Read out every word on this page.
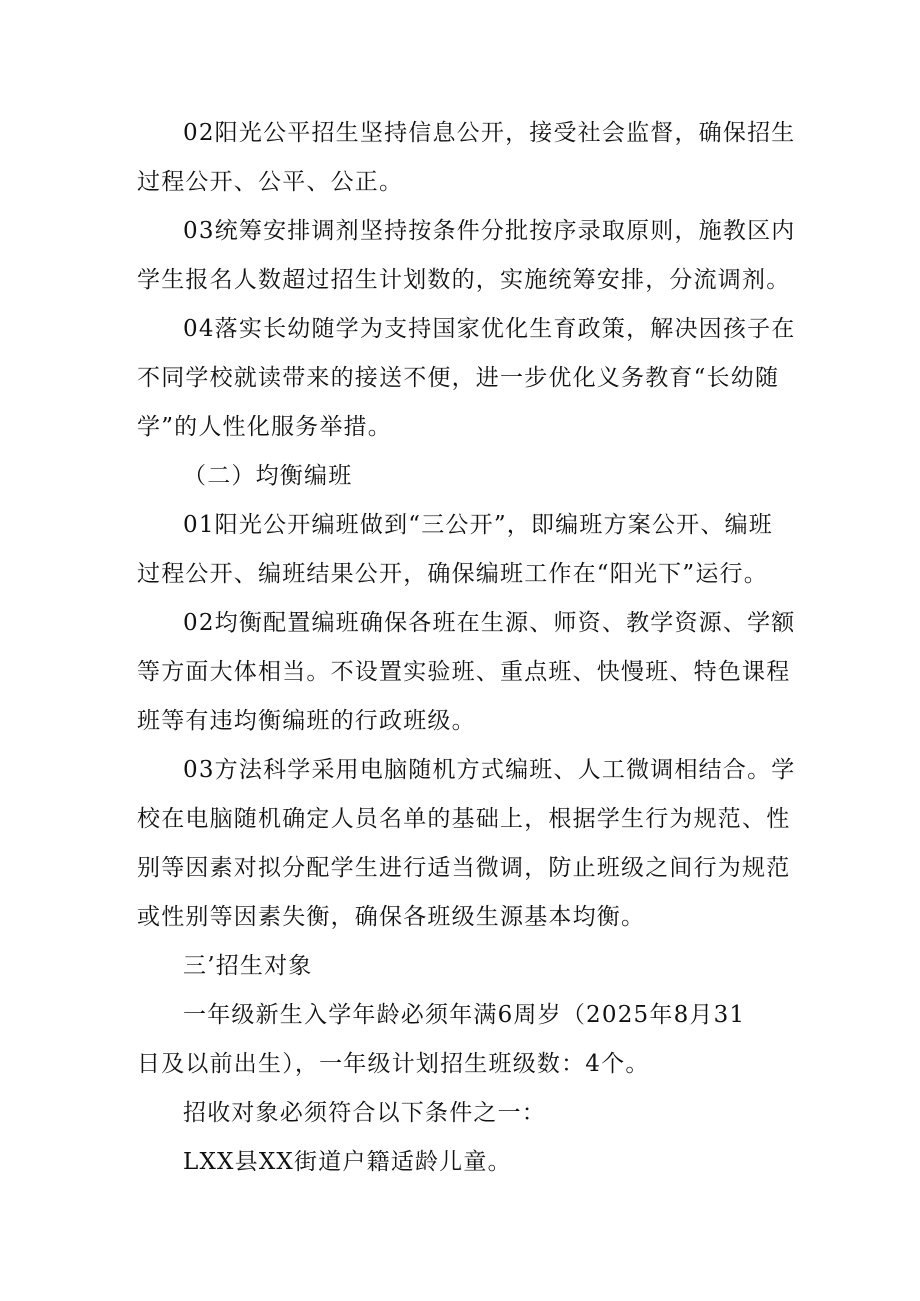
02阳光公平招生坚持信息公开，接受社会监督，确保招生过程公开、公平、公正。

03统筹安排调剂坚持按条件分批按序录取原则，施教区内学生报名人数超过招生计划数的，实施统筹安排，分流调剂。

04落实长幼随学为支持国家优化生育政策，解决因孩子在不同学校就读带来的接送不便，进一步优化义务教育“长幼随学”的人性化服务举措。

（二）均衡编班

01阳光公开编班做到“三公开”，即编班方案公开、编班过程公开、编班结果公开，确保编班工作在“阳光下”运行。

02均衡配置编班确保各班在生源、师资、教学资源、学额等方面大体相当。不设置实验班、重点班、快慢班、特色课程班等有违均衡编班的行政班级。

03方法科学采用电脑随机方式编班、人工微调相结合。学校在电脑随机确定人员名单的基础上，根据学生行为规范、性别等因素对拟分配学生进行适当微调，防止班级之间行为规范或性别等因素失衡，确保各班级生源基本均衡。

三’招生对象

一年级新生入学年龄必须年满6周岁（2025年8月31

日及以前出生），一年级计划招生班级数：4个。

招收对象必须符合以下条件之一：

LXX县XX街道户籍适龄儿童。
